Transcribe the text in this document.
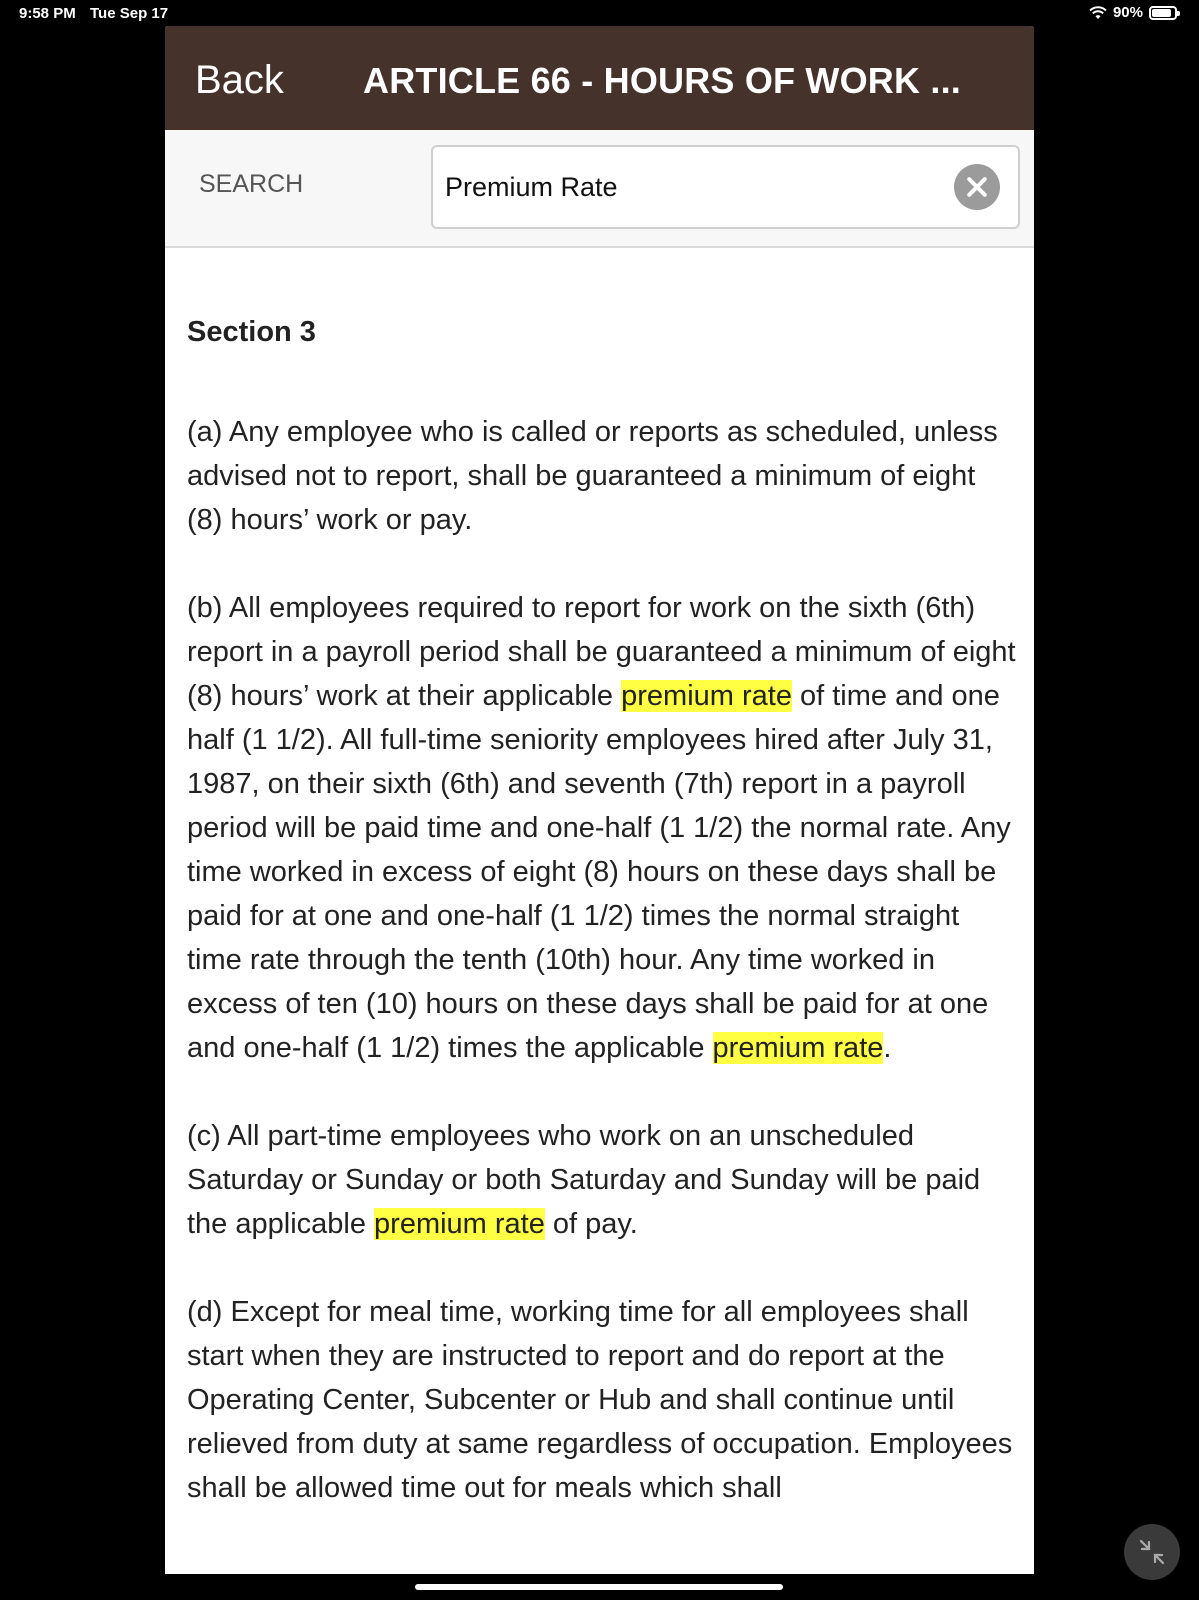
9:58 PM Tue Sep 17	90%
Back ARTICLE 66 - HOURS OF WORK ...
SEARCH
Premium Rate
Section 3

(a) Any employee who is called or reports as scheduled, unless advised not to report, shall be guaranteed a minimum of eight (8) hours’ work or pay.

(b) All employees required to report for work on the sixth (6th) report in a payroll period shall be guaranteed a minimum of eight (8) hours’ work at their applicable premium rate of time and one half (1 1/2). All full-time seniority employees hired after July 31, 1987, on their sixth (6th) and seventh (7th) report in a payroll period will be paid time and one-half (1 1/2) the normal rate. Any time worked in excess of eight (8) hours on these days shall be paid for at one and one-half (1 1/2) times the normal straight time rate through the tenth (10th) hour. Any time worked in excess of ten (10) hours on these days shall be paid for at one and one-half (1 1/2) times the applicable premium rate.

(c) All part-time employees who work on an unscheduled Saturday or Sunday or both Saturday and Sunday will be paid the applicable premium rate of pay.

(d) Except for meal time, working time for all employees shall start when they are instructed to report and do report at the Operating Center, Subcenter or Hub and shall continue until relieved from duty at same regardless of occupation. Employees shall be allowed time out for meals which shall
